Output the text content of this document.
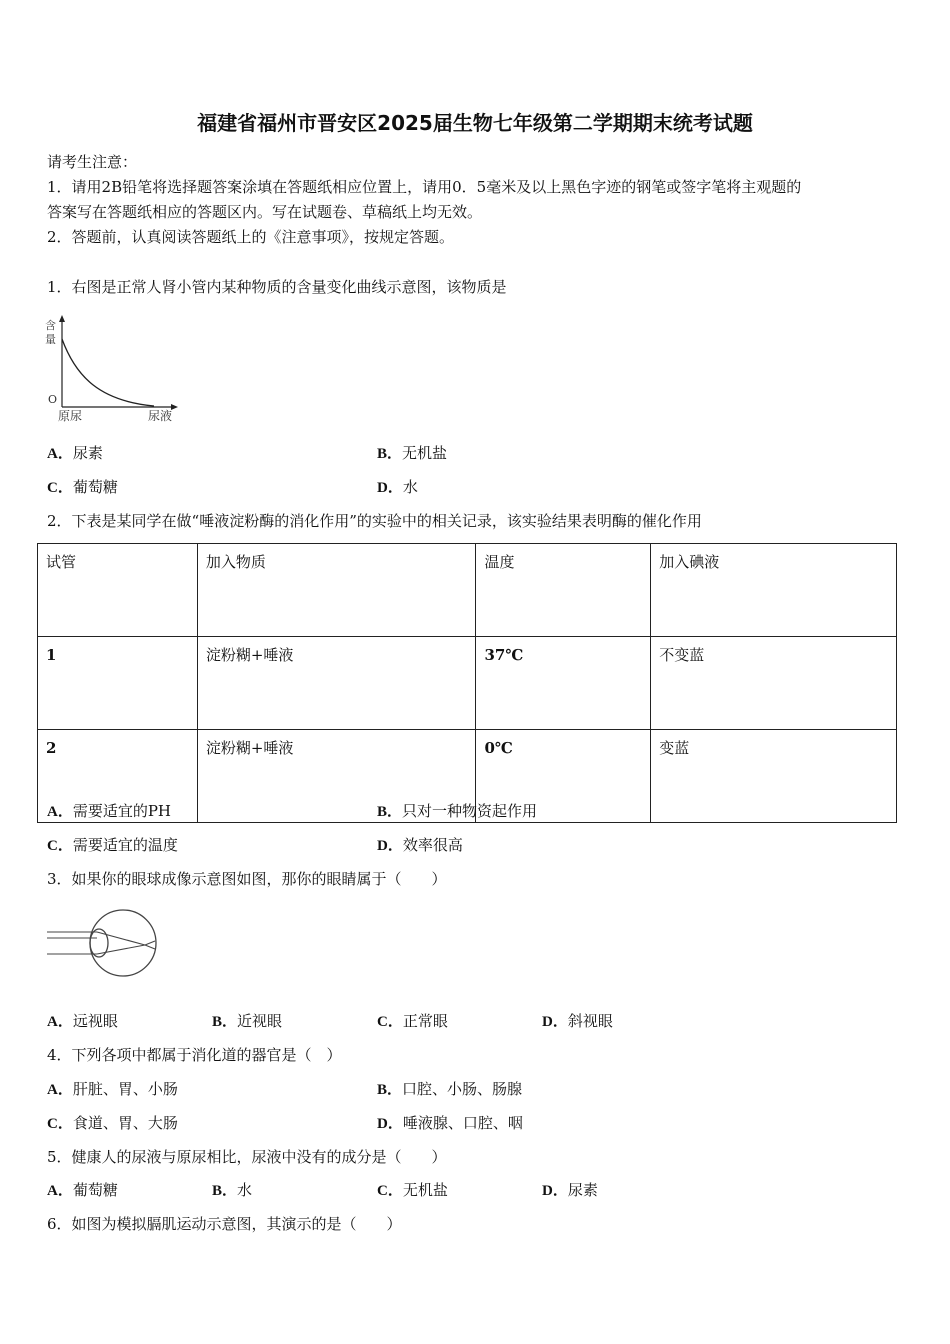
福建省福州市晋安区2025届生物七年级第二学期期末统考试题
请考生注意：
1．请用2B铅笔将选择题答案涂填在答题纸相应位置上，请用0．5毫米及以上黑色字迹的钢笔或签字笔将主观题的
答案写在答题纸相应的答题区内。写在试题卷、草稿纸上均无效。
2．答题前，认真阅读答题纸上的《注意事项》，按规定答题。
1．右图是正常人肾小管内某种物质的含量变化曲线示意图，该物质是
含
量
O
原尿	尿液
A．尿素	B．无机盐
C．葡萄糖	D．水
2．下表是某同学在做“唾液淀粉酶的消化作用”的实验中的相关记录，该实验结果表明酶的催化作用
试管	加入物质	温度	加入碘液
1	淀粉糊+唾液	37℃	不变蓝
2	淀粉糊+唾液	0℃	变蓝
A．需要适宜的PH	B．只对一种物资起作用
C．需要适宜的温度	D．效率很高
3．如果你的眼球成像示意图如图，那你的眼睛属于（　　）
A．远视眼	B．近视眼	C．正常眼	D．斜视眼
4．下列各项中都属于消化道的器官是（　）
A．肝脏、胃、小肠	B．口腔、小肠、肠腺
C．食道、胃、大肠	D．唾液腺、口腔、咽
5．健康人的尿液与原尿相比，尿液中没有的成分是（　　）
A．葡萄糖	B．水	C．无机盐	D．尿素
6．如图为模拟膈肌运动示意图，其演示的是（　　）
